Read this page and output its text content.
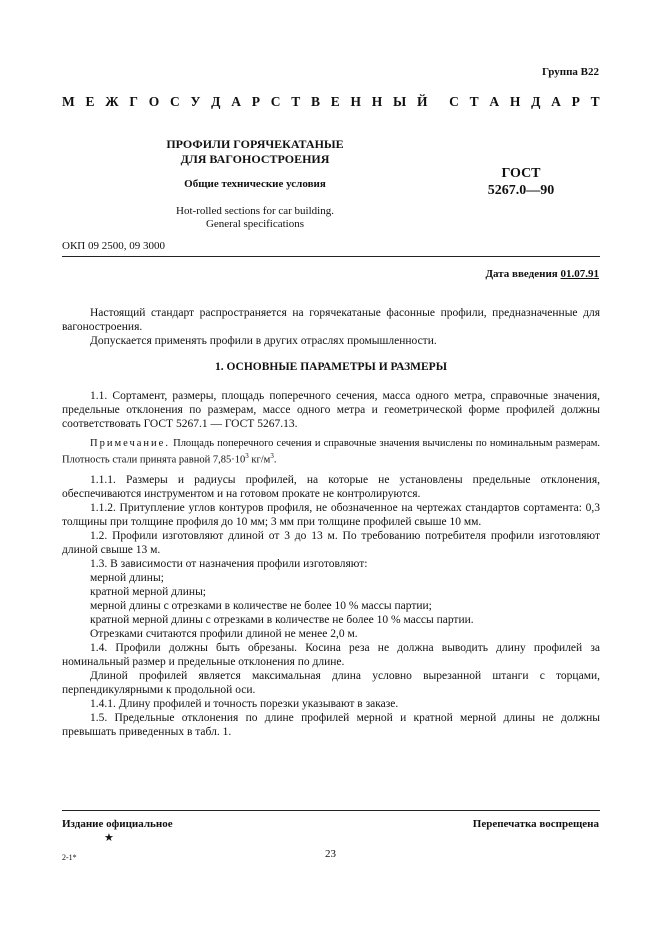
Группа В22
М Е Ж Г О С У Д А Р С Т В Е Н Н Ы Й С Т А Н Д А Р Т
ПРОФИЛИ ГОРЯЧЕКАТАНЫЕ
ДЛЯ ВАГОНОСТРОЕНИЯ
Общие технические условия
Hot-rolled sections for car building.
General specifications
ГОСТ
5267.0—90
ОКП 09 2500, 09 3000
Дата введения 01.07.91

Настоящий стандарт распространяется на горячекатаные фасонные профили, предназначенные для вагоностроения.

Допускается применять профили в других отраслях промышленности.

1. ОСНОВНЫЕ ПАРАМЕТРЫ И РАЗМЕРЫ

1.1. Сортамент, размеры, площадь поперечного сечения, масса одного метра, справочные значения, предельные отклонения по размерам, массе одного метра и геометрической форме профилей должны соответствовать ГОСТ 5267.1 — ГОСТ 5267.13.

Примечание. Площадь поперечного сечения и справочные значения вычислены по номинальным размерам. Плотность стали принята равной $7,85\cdot 10^3$ $кг/м^3$.

1.1.1. Размеры и радиусы профилей, на которые не установлены предельные отклонения, обеспечиваются инструментом и на готовом прокате не контролируются.

1.1.2. Притупление углов контуров профиля, не обозначенное на чертежах стандартов сортамента: 0,3 толщины при толщине профиля до 10 мм; 3 мм при толщине профилей свыше 10 мм.

1.2. Профили изготовляют длиной от 3 до 13 м. По требованию потребителя профили изготовляют длиной свыше 13 м.

1.3. В зависимости от назначения профили изготовляют:

мерной длины;

кратной мерной длины;

мерной длины с отрезками в количестве не более 10 % массы партии;

кратной мерной длины с отрезками в количестве не более 10 % массы партии.

Отрезками считаются профили длиной не менее 2,0 м.

1.4. Профили должны быть обрезаны. Косина реза не должна выводить длину профилей за номинальный размер и предельные отклонения по длине.

Длиной профилей является максимальная длина условно вырезанной штанги с торцами, перпендикулярными к продольной оси.

1.4.1. Длину профилей и точность порезки указывают в заказе.

1.5. Предельные отклонения по длине профилей мерной и кратной мерной длины не должны превышать приведенных в табл. 1.

Издание официальное
★
Перепечатка воспрещена
2-1*	23
